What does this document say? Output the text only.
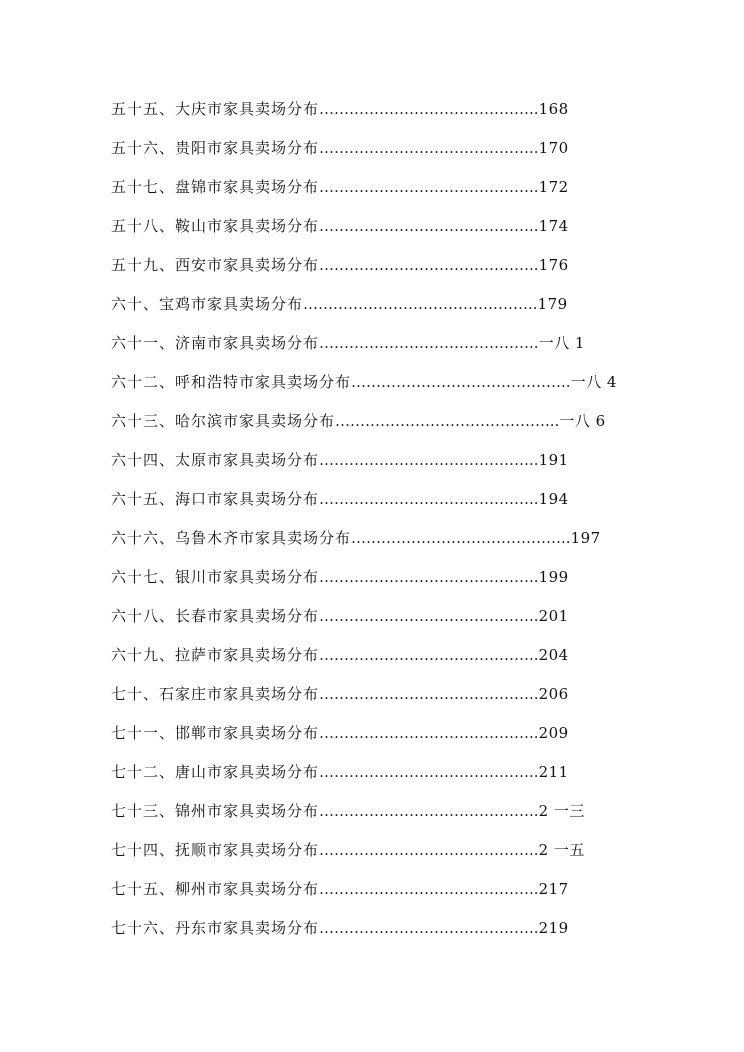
五十五、大庆市家具卖场分布……………………………………..168
五十六、贵阳市家具卖场分布……………………………………..170
五十七、盘锦市家具卖场分布……………………………………..172
五十八、鞍山市家具卖场分布……………………………………..174
五十九、西安市家具卖场分布……………………………………..176
六十、宝鸡市家具卖场分布………………………………………..179
六十一、济南市家具卖场分布……………………………………..一八 1
六十二、呼和浩特市家具卖场分布……………………………………..一八 4
六十三、哈尔滨市家具卖场分布……………………………………...一八 6
六十四、太原市家具卖场分布……………………………………..191
六十五、海口市家具卖场分布……………………………………..194
六十六、乌鲁木齐市家具卖场分布……………………………………..197
六十七、银川市家具卖场分布……………………………………..199
六十八、长春市家具卖场分布……………………………………..201
六十九、拉萨市家具卖场分布……………………………………..204
七十、石家庄市家具卖场分布……………………………………..206
七十一、邯郸市家具卖场分布……………………………………..209
七十二、唐山市家具卖场分布……………………………………..211
七十三、锦州市家具卖场分布……………………………………..2 一三
七十四、抚顺市家具卖场分布……………………………………..2 一五
七十五、柳州市家具卖场分布……………………………………..217
七十六、丹东市家具卖场分布……………………………………..219
